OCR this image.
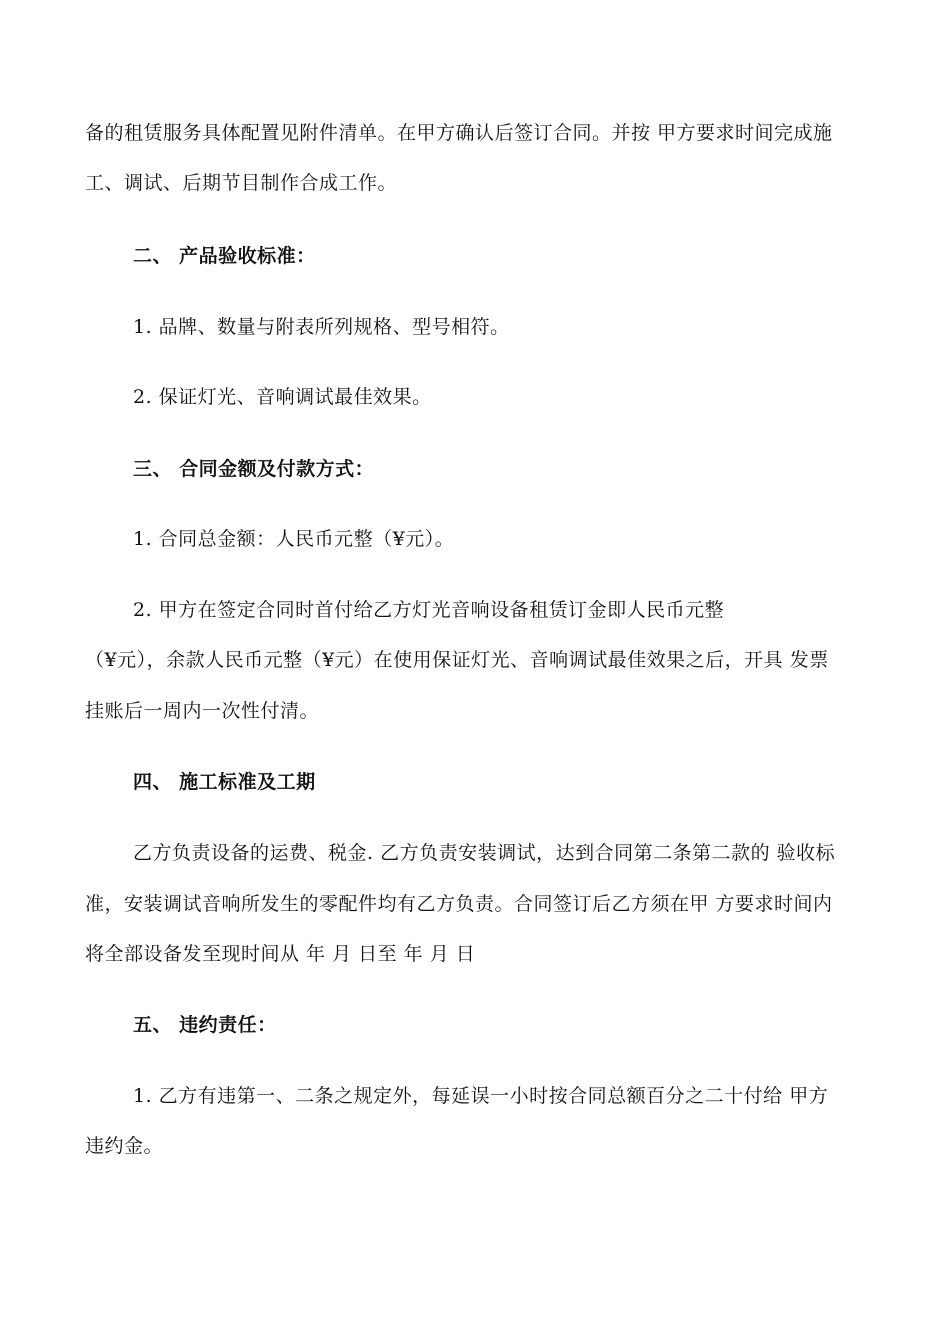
备的租赁服务具体配置见附件清单。在甲方确认后签订合同。并按 甲方要求时间完成施
工、调试、后期节目制作合成工作。
二、 产品验收标准：
1. 品牌、数量与附表所列规格、型号相符。
2. 保证灯光、音响调试最佳效果。
三、 合同金额及付款方式：
1. 合同总金额：人民币元整（¥元）。
2. 甲方在签定合同时首付给乙方灯光音响设备租赁订金即人民币元整
（¥元），余款人民币元整（¥元）在使用保证灯光、音响调试最佳效果之后，开具 发票
挂账后一周内一次性付清。
四、 施工标准及工期
乙方负责设备的运费、税金. 乙方负责安装调试，达到合同第二条第二款的 验收标
准，安装调试音响所发生的零配件均有乙方负责。合同签订后乙方须在甲 方要求时间内
将全部设备发至现时间从 年 月 日至 年 月 日
五、 违约责任：
1. 乙方有违第一、二条之规定外，每延误一小时按合同总额百分之二十付给 甲方
违约金。
